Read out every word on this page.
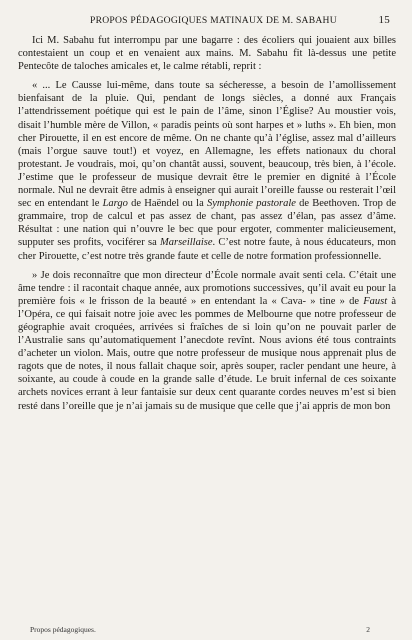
PROPOS PÉDAGOGIQUES MATINAUX DE M. SABAHU	15

Ici M. Sabahu fut interrompu par une bagarre : des écoliers qui jouaient aux billes contestaient un coup et en venaient aux mains. M. Sabahu fit là-dessus une petite Pentecôte de taloches amicales et, le calme rétabli, reprit :

« ... Le Causse lui-même, dans toute sa sécheresse, a besoin de l’amollissement bienfaisant de la pluie. Qui, pendant de longs siècles, a donné aux Français l’attendrissement poétique qui est le pain de l’âme, sinon l’Église? Au moustier vois, disait l’humble mère de Villon, « paradis peints où sont harpes et » luths ». Eh bien, mon cher Pirouette, il en est encore de même. On ne chante qu’à l’église, assez mal d’ailleurs (mais l’orgue sauve tout!) et voyez, en Allemagne, les effets nationaux du choral protestant. Je voudrais, moi, qu’on chantât aussi, souvent, beaucoup, très bien, à l’école. J’estime que le professeur de musique devrait être le premier en dignité à l’École normale. Nul ne devrait être admis à enseigner qui aurait l’oreille fausse ou resterait l’œil sec en entendant le Largo de Haëndel ou la Symphonie pastorale de Beethoven. Trop de grammaire, trop de calcul et pas assez de chant, pas assez d’élan, pas assez d’âme. Résultat : une nation qui n’ouvre le bec que pour ergoter, commenter malicieusement, supputer ses profits, vociférer sa Marseillaise. C’est notre faute, à nous éducateurs, mon cher Pirouette, c’est notre très grande faute et celle de notre formation professionnelle.

» Je dois reconnaître que mon directeur d’École normale avait senti cela. C’était une âme tendre : il racontait chaque année, aux promotions successives, qu’il avait eu pour la première fois « le frisson de la beauté » en entendant la « Cava- » tine » de Faust à l’Opéra, ce qui faisait notre joie avec les pommes de Melbourne que notre professeur de géographie avait croquées, arrivées si fraîches de si loin qu’on ne pouvait parler de l’Australie sans qu’automatiquement l’anecdote revînt. Nous avions été tous contraints d’acheter un violon. Mais, outre que notre professeur de musique nous apprenait plus de ragots que de notes, il nous fallait chaque soir, après souper, racler pendant une heure, à soixante, au coude à coude en la grande salle d’étude. Le bruit infernal de ces soixante archets novices errant à leur fantaisie sur deux cent quarante cordes neuves m’est si bien resté dans l’oreille que je n’ai jamais su de musique que celle que j’ai appris de mon bon

Propos pédagogiques.	2
